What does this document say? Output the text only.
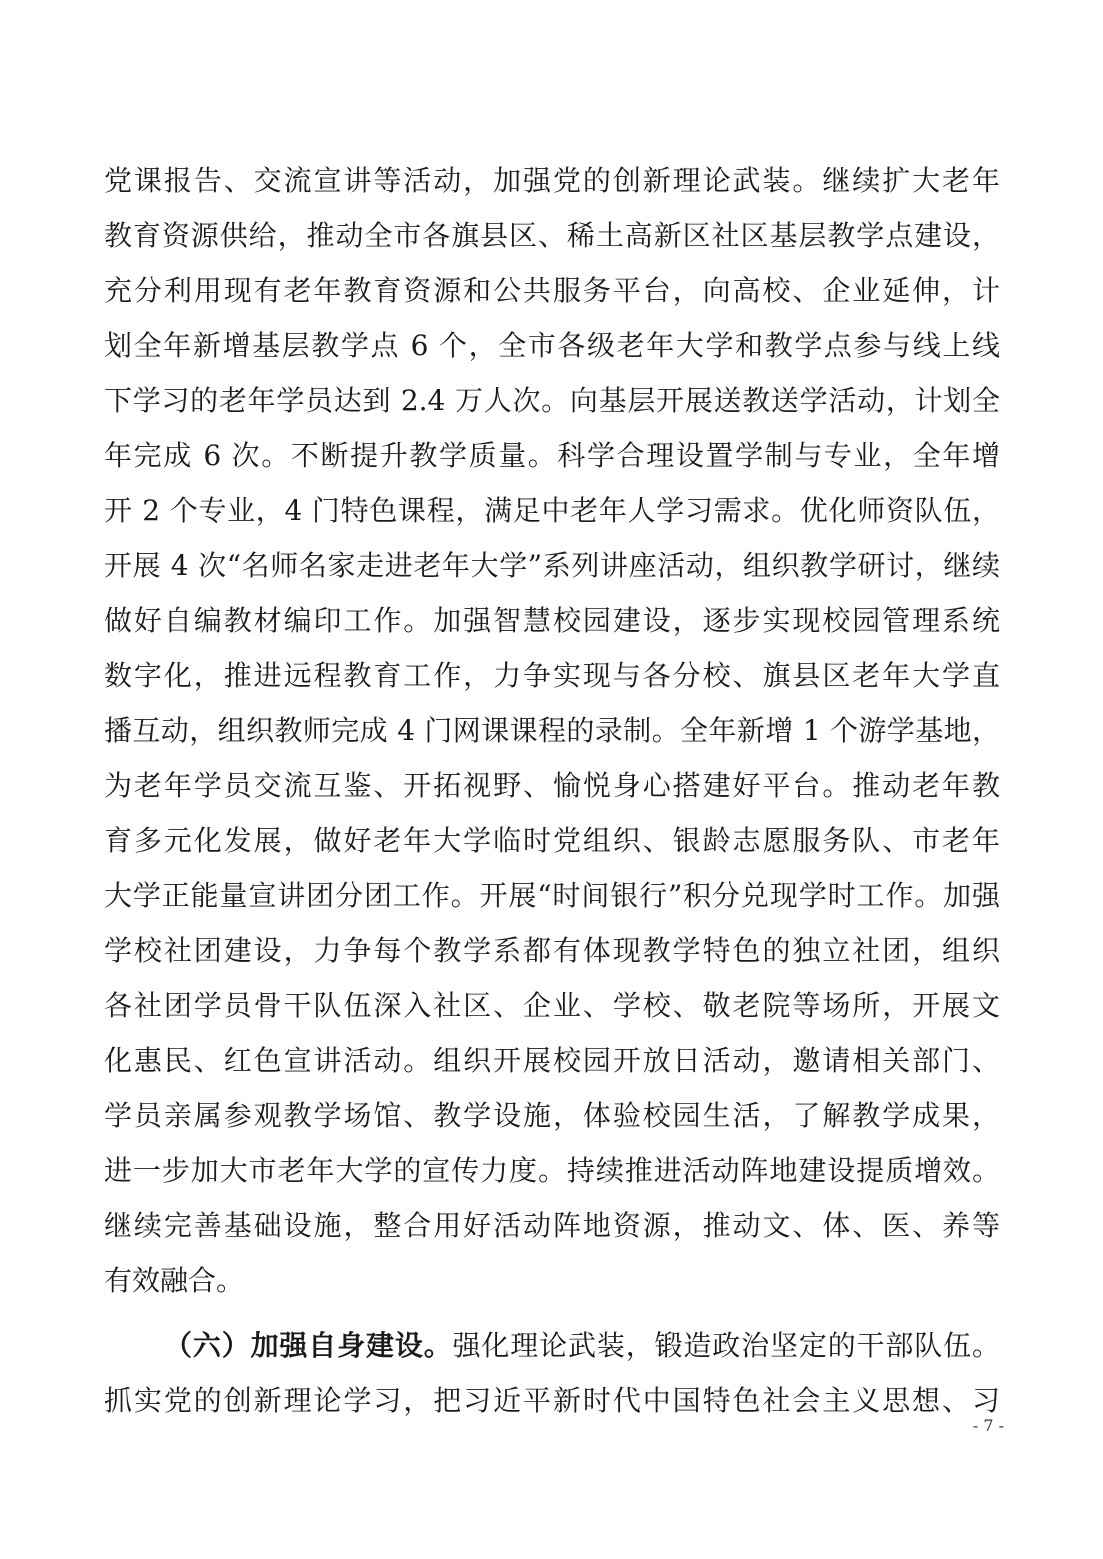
党课报告、交流宣讲等活动，加强党的创新理论武装。继续扩大老年
教育资源供给，推动全市各旗县区、稀土高新区社区基层教学点建设，
充分利用现有老年教育资源和公共服务平台，向高校、企业延伸，计
划全年新增基层教学点 6 个，全市各级老年大学和教学点参与线上线
下学习的老年学员达到 2.4 万人次。向基层开展送教送学活动，计划全
年完成 6 次。不断提升教学质量。科学合理设置学制与专业，全年增
开 2 个专业，4 门特色课程，满足中老年人学习需求。优化师资队伍，
开展 4 次“名师名家走进老年大学”系列讲座活动，组织教学研讨，继续
做好自编教材编印工作。加强智慧校园建设，逐步实现校园管理系统
数字化，推进远程教育工作，力争实现与各分校、旗县区老年大学直
播互动，组织教师完成 4 门网课课程的录制。全年新增 1 个游学基地，
为老年学员交流互鉴、开拓视野、愉悦身心搭建好平台。推动老年教
育多元化发展，做好老年大学临时党组织、银龄志愿服务队、市老年
大学正能量宣讲团分团工作。开展“时间银行”积分兑现学时工作。加强
学校社团建设，力争每个教学系都有体现教学特色的独立社团，组织
各社团学员骨干队伍深入社区、企业、学校、敬老院等场所，开展文
化惠民、红色宣讲活动。组织开展校园开放日活动，邀请相关部门、
学员亲属参观教学场馆、教学设施，体验校园生活，了解教学成果，
进一步加大市老年大学的宣传力度。持续推进活动阵地建设提质增效。
继续完善基础设施，整合用好活动阵地资源，推动文、体、医、养等
有效融合。
（六）加强自身建设。强化理论武装，锻造政治坚定的干部队伍。
抓实党的创新理论学习，把习近平新时代中国特色社会主义思想、习
- 7 -
